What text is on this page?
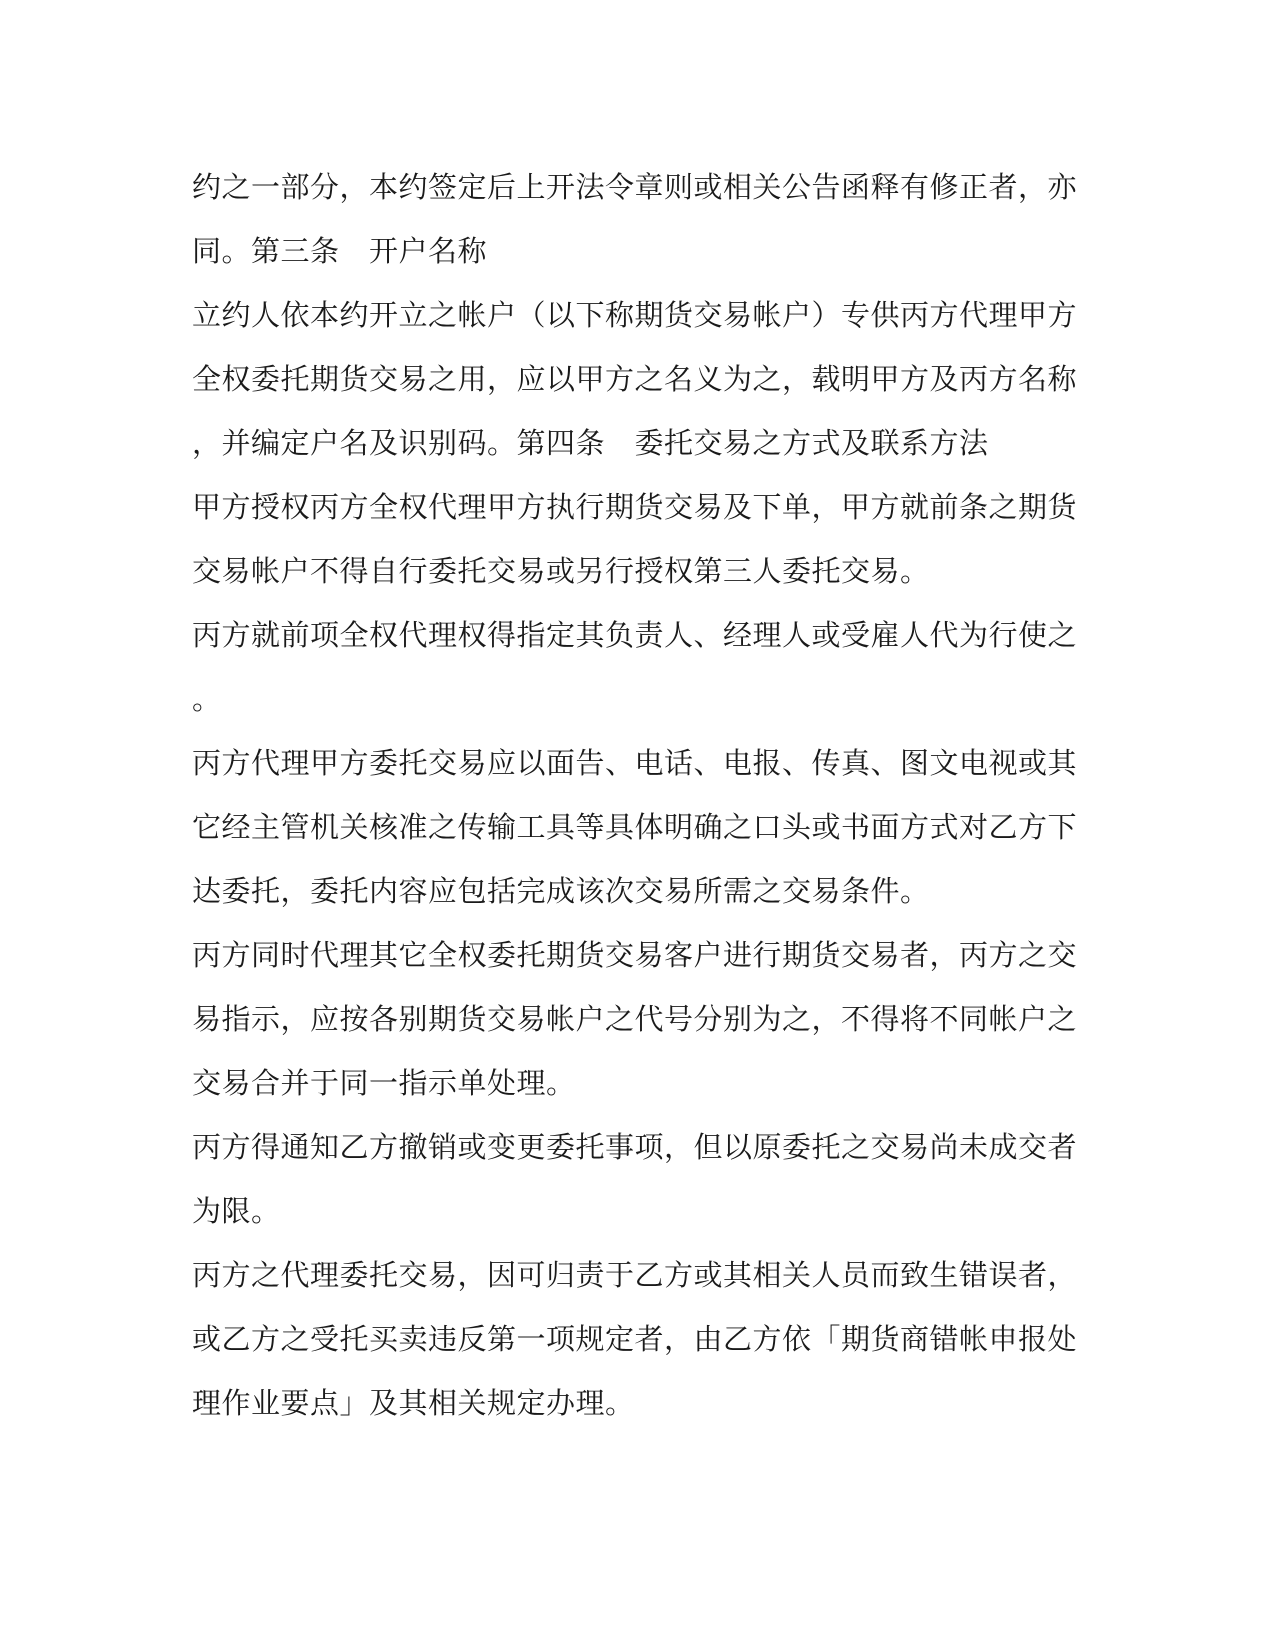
约之一部分，本约签定后上开法令章则或相关公告函释有修正者，亦
同。第三条　开户名称
立约人依本约开立之帐户（以下称期货交易帐户）专供丙方代理甲方
全权委托期货交易之用，应以甲方之名义为之，载明甲方及丙方名称
，并编定户名及识别码。第四条　委托交易之方式及联系方法
甲方授权丙方全权代理甲方执行期货交易及下单，甲方就前条之期货
交易帐户不得自行委托交易或另行授权第三人委托交易。
丙方就前项全权代理权得指定其负责人、经理人或受雇人代为行使之
。
丙方代理甲方委托交易应以面告、电话、电报、传真、图文电视或其
它经主管机关核准之传输工具等具体明确之口头或书面方式对乙方下
达委托，委托内容应包括完成该次交易所需之交易条件。
丙方同时代理其它全权委托期货交易客户进行期货交易者，丙方之交
易指示，应按各别期货交易帐户之代号分别为之，不得将不同帐户之
交易合并于同一指示单处理。
丙方得通知乙方撤销或变更委托事项，但以原委托之交易尚未成交者
为限。
丙方之代理委托交易，因可归责于乙方或其相关人员而致生错误者，
或乙方之受托买卖违反第一项规定者，由乙方依「期货商错帐申报处
理作业要点」及其相关规定办理。
